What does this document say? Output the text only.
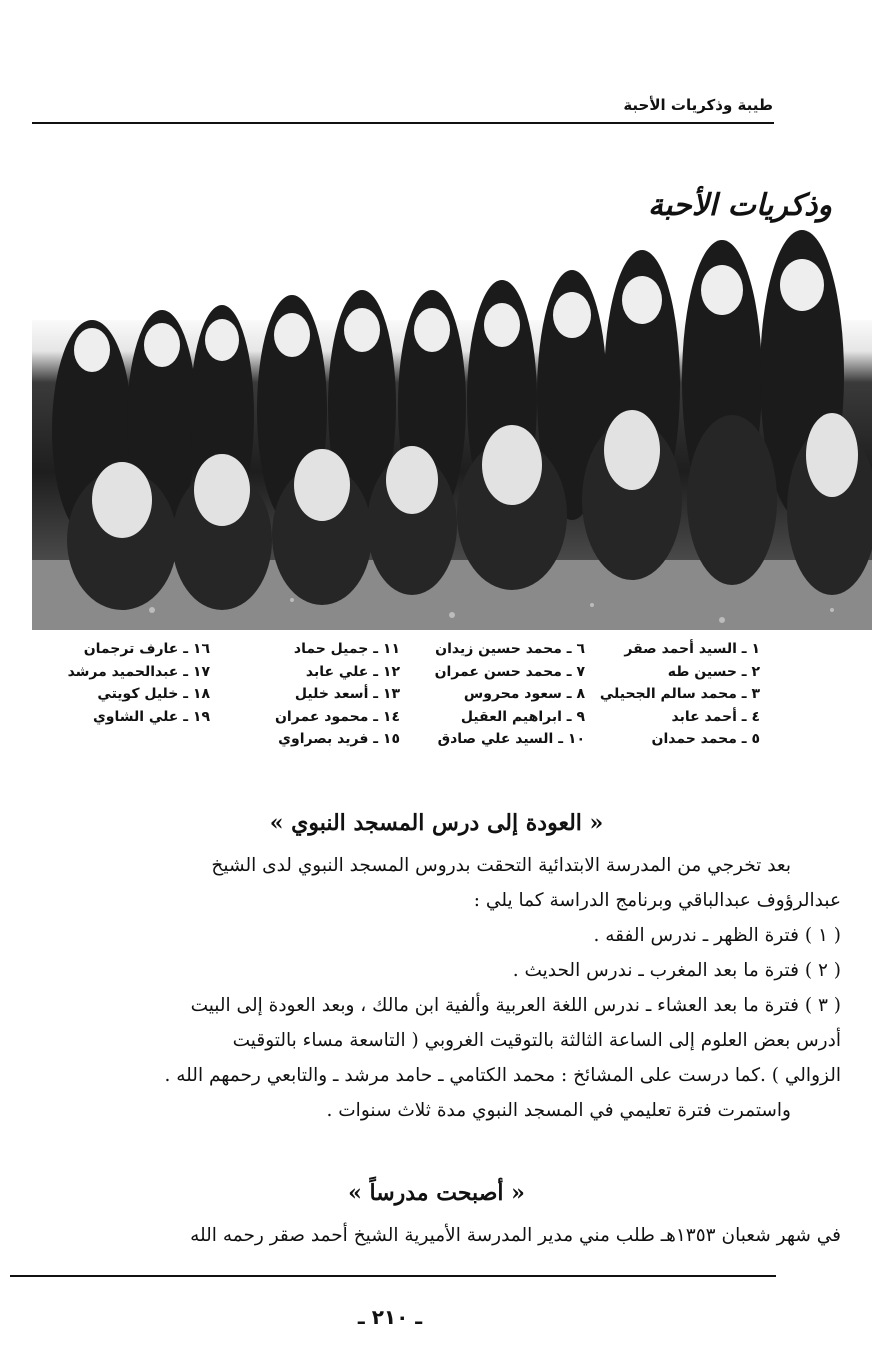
طيبة وذكريات الأحبة
وذكريات الأحبة
١ ـ السيد أحمد صقر
٢ ـ حسين طه
٣ ـ محمد سالم الجحيلي
٤ ـ أحمد عابد
٥ ـ محمد حمدان
٦ ـ محمد حسين زيدان
٧ ـ محمد حسن عمران
٨ ـ سعود محروس
٩ ـ ابراهيم العقيل
١٠ ـ السيد علي صادق
١١ ـ جميل حماد
١٢ ـ علي عابد
١٣ ـ أسعد خليل
١٤ ـ محمود عمران
١٥ ـ فريد بصراوي
١٦ ـ عارف ترجمان
١٧ ـ عبدالحميد مرشد
١٨ ـ خليل كويتي
١٩ ـ علي الشاوي
« العودة إلى درس المسجد النبوي »
بعد تخرجي من المدرسة الابتدائية التحقت بدروس المسجد النبوي لدى الشيخ
عبدالرؤوف عبدالباقي وبرنامج الدراسة كما يلي :
( ١ ) فترة الظهر ـ ندرس الفقه .
( ٢ ) فترة ما بعد المغرب ـ ندرس الحديث .
( ٣ ) فترة ما بعد العشاء ـ ندرس اللغة العربية وألفية ابن مالك ، وبعد العودة إلى البيت
أدرس بعض العلوم إلى الساعة الثالثة بالتوقيت الغروبي ( التاسعة مساء بالتوقيت
الزوالي ) .كما درست على المشائخ : محمد الكتامي ـ حامد مرشد ـ والتابعي رحمهم الله .
واستمرت فترة تعليمي في المسجد النبوي مدة ثلاث سنوات .
« أصبحت مدرساً »
في شهر شعبان ١٣٥٣هـ طلب مني مدير المدرسة الأميرية الشيخ أحمد صقر رحمه الله
ـ ٢١٠ ـ
